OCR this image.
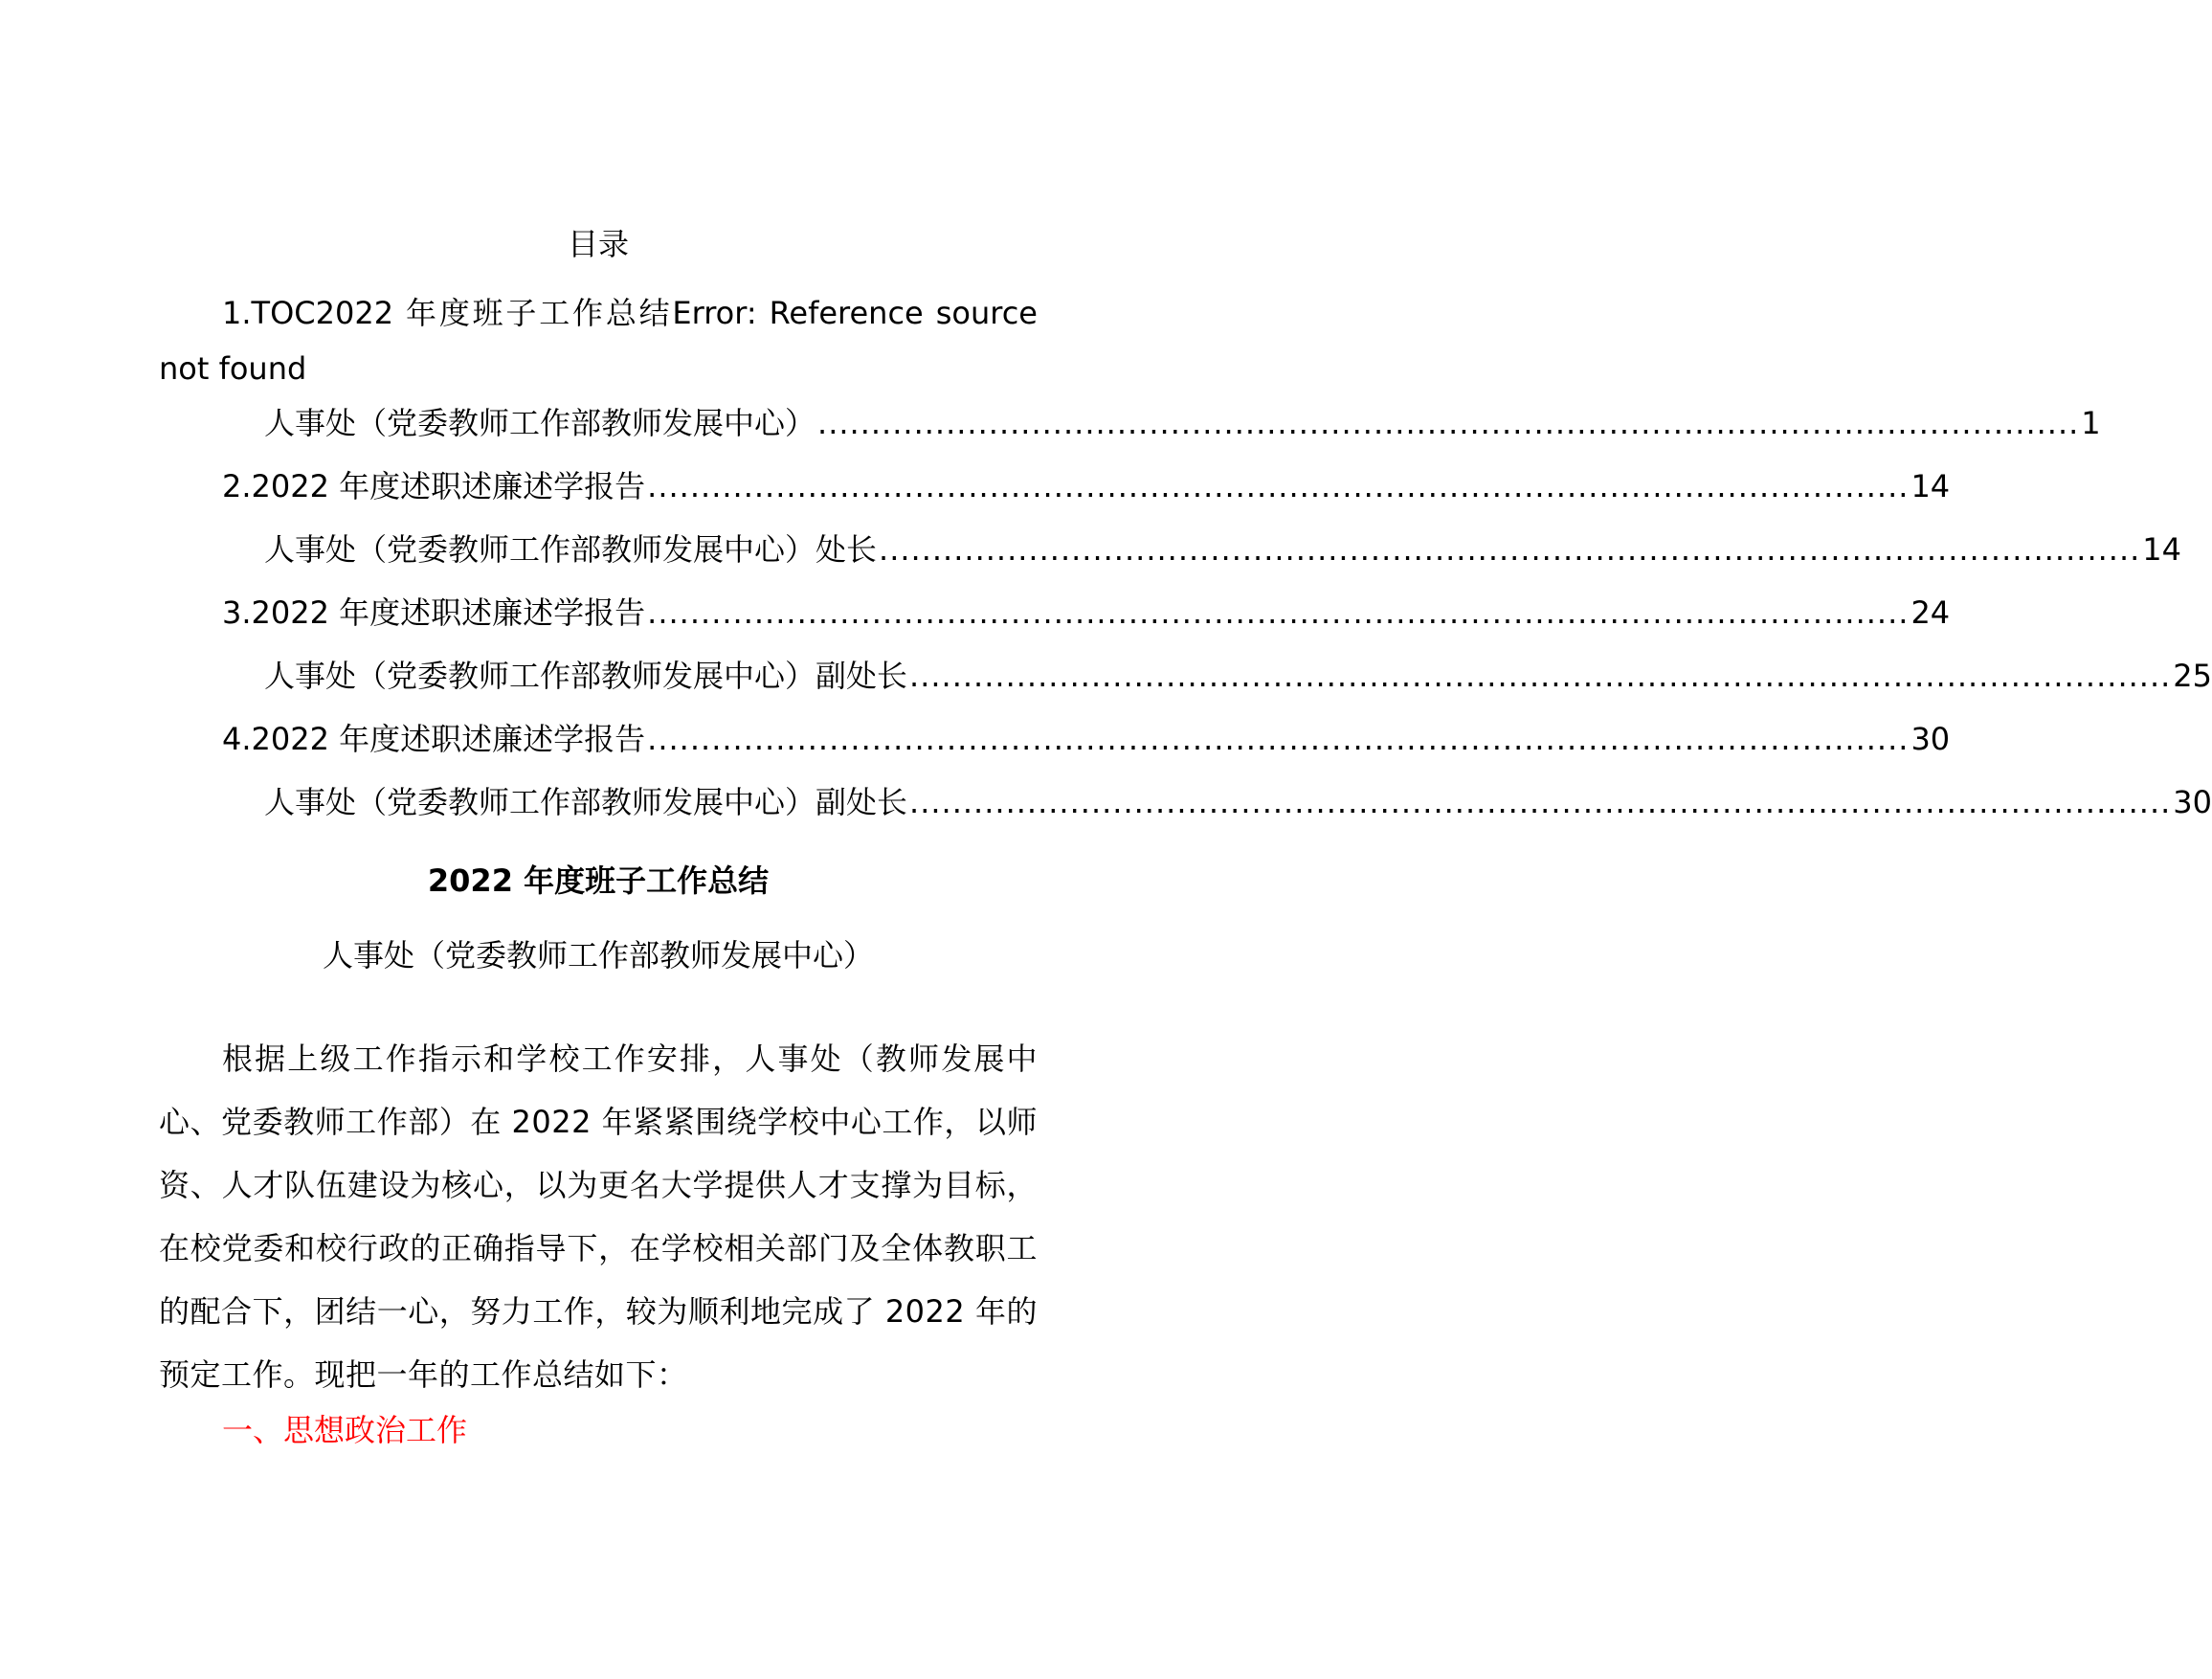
目录
1.TOC2022 年度班子工作总结Error: Reference source not found
人事处（党委教师工作部教师发展中心） ...................................................................................................................... 1
2.2022 年度述职述廉述学报告 ...................................................................................................................... 14
人事处（党委教师工作部教师发展中心）处长 ...................................................................................................................... 14
3.2022 年度述职述廉述学报告 ...................................................................................................................... 24
人事处（党委教师工作部教师发展中心）副处长 ...................................................................................................................... 25
4.2022 年度述职述廉述学报告 ...................................................................................................................... 30
人事处（党委教师工作部教师发展中心）副处长 ...................................................................................................................... 30
2022 年度班子工作总结
人事处（党委教师工作部教师发展中心）
根据上级工作指示和学校工作安排，人事处（教师发展中心、党委教师工作部）在 2022 年紧紧围绕学校中心工作，以师资、人才队伍建设为核心，以为更名大学提供人才支撑为目标，在校党委和校行政的正确指导下，在学校相关部门及全体教职工的配合下，团结一心，努力工作，较为顺利地完成了 2022 年的预定工作。现把一年的工作总结如下：
一、思想政治工作
